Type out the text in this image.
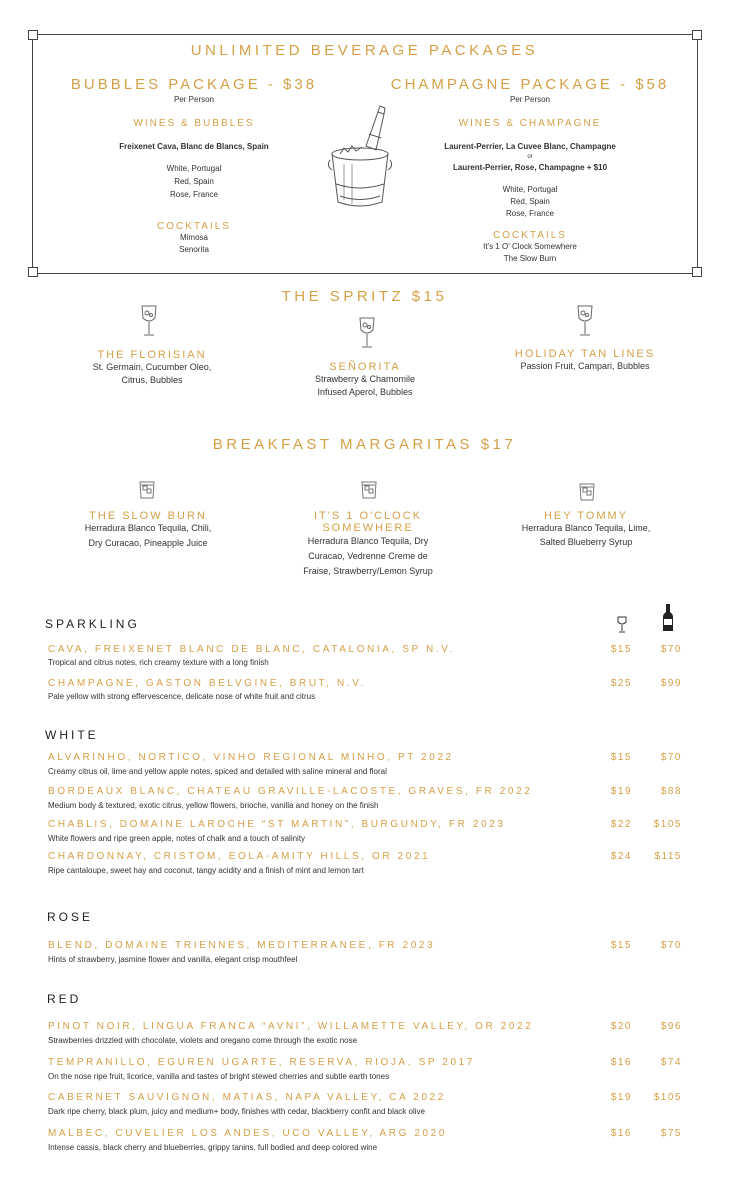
UNLIMITED BEVERAGE PACKAGES
BUBBLES PACKAGE - $38
Per Person
WINES & BUBBLES
Freixenet Cava, Blanc de Blancs, Spain
White, Portugal
Red, Spain
Rose, France
COCKTAILS
Mimosa
Senorita
CHAMPAGNE PACKAGE - $58
Per Person
WINES & CHAMPAGNE
Laurent-Perrier, La Cuvee Blanc, Champagne
or
Laurent-Perrier, Rose, Champagne + $10
White, Portugal
Red, Spain
Rose, France
COCKTAILS
It's 1 O' Clock Somewhere
The Slow Burn
THE SPRITZ $15
THE FLORISIAN
St. Germain, Cucumber Oleo,
Citrus, Bubbles
SEÑORITA
Strawberry & Chamomile
Infused Aperol, Bubbles
HOLIDAY TAN LINES
Passion Fruit, Campari, Bubbles
BREAKFAST MARGARITAS $17
THE SLOW BURN
Herradura Blanco Tequila, Chili,
Dry Curacao, Pineapple Juice
IT'S 1 O'CLOCK
SOMEWHERE
Herradura Blanco Tequila, Dry
Curacao, Vedrenne Creme de
Fraise, Strawberry/Lemon Syrup
HEY TOMMY
Herradura Blanco Tequila, Lime,
Salted Blueberry Syrup
SPARKLING
CAVA, FREIXENET BLANC DE BLANC, CATALONIA, SP N.V.
Tropical and citrus notes, rich creamy texture with a long finish
$15	$70
CHAMPAGNE, GASTON BELVGINE, BRUT, N.V.
Pale yellow with strong effervescence, delicate nose of white fruit and citrus
$25	$99
WHITE
ALVARINHO, NORTICO, VINHO REGIONAL MINHO, PT 2022
Creamy citrus oil, lime and yellow apple notes, spiced and detailed with saline mineral and floral
$15	$70
BORDEAUX BLANC, CHATEAU GRAVILLE-LACOSTE, GRAVES, FR 2022
Medium body & textured, exotic citrus, yellow flowers, brioche, vanilla and honey on the finish
$19	$88
CHABLIS, DOMAINE LAROCHE “ST MARTIN”, BURGUNDY, FR 2023
White flowers and ripe green apple, notes of chalk and a touch of salinity
$22	$105
CHARDONNAY, CRISTOM, EOLA-AMITY HILLS, OR 2021
Ripe cantaloupe, sweet hay and coconut, tangy acidity and a finish of mint and lemon tart
$24	$115
ROSE
BLEND, DOMAINE TRIENNES, MEDITERRANEE, FR 2023
Hints of strawberry, jasmine flower and vanilla, elegant crisp mouthfeel
$15	$70
RED
PINOT NOIR, LINGUA FRANCA “AVNI”, WILLAMETTE VALLEY, OR 2022
Strawberries drizzled with chocolate, violets and oregano come through the exotic nose
$20	$96
TEMPRANILLO, EGUREN UGARTE, RESERVA, RIOJA, SP 2017
On the nose ripe fruit, licorice, vanilla and tastes of bright stewed cherries and subtle earth tones
$16	$74
CABERNET SAUVIGNON, MATIAS, NAPA VALLEY, CA 2022
Dark ripe cherry, black plum, juicy and medium+ body, finishes with cedar, blackberry confit and black olive
$19	$105
MALBEC, CUVELIER LOS ANDES, UCO VALLEY, ARG 2020
Intense cassis, black cherry and blueberries, grippy tanins, full bodied and deep colored wine
$16	$75
